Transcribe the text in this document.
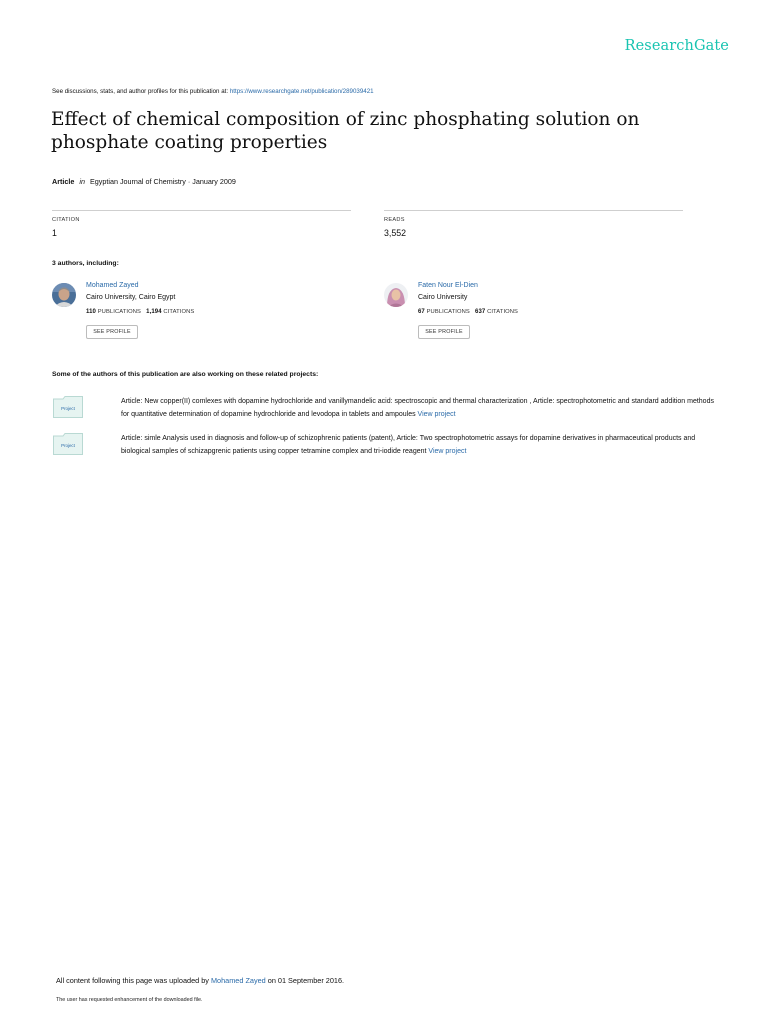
ResearchGate
See discussions, stats, and author profiles for this publication at: https://www.researchgate.net/publication/289039421
Effect of chemical composition of zinc phosphating solution on phosphate coating properties
Article in Egyptian Journal of Chemistry · January 2009
CITATION
1
READS
3,552
3 authors, including:
Mohamed Zayed
Cairo University, Cairo Egypt
110 PUBLICATIONS 1,194 CITATIONS
SEE PROFILE
Faten Nour El-Dien
Cairo University
67 PUBLICATIONS 637 CITATIONS
SEE PROFILE
Some of the authors of this publication are also working on these related projects:
Project
Article: New copper(II) comlexes with dopamine hydrochloride and vanillymandelic acid: spectroscopic and thermal characterization , Article: spectrophotometric and standard addition methods for quantitative determination of dopamine hydrochloride and levodopa in tablets and ampoules View project
Project
Article: simle Analysis used in diagnosis and follow-up of schizophrenic patients (patent), Article: Two spectrophotometric assays for dopamine derivatives in pharmaceutical products and biological samples of schizapgrenic patients using copper tetramine complex and tri-iodide reagent View project
All content following this page was uploaded by Mohamed Zayed on 01 September 2016.
The user has requested enhancement of the downloaded file.
